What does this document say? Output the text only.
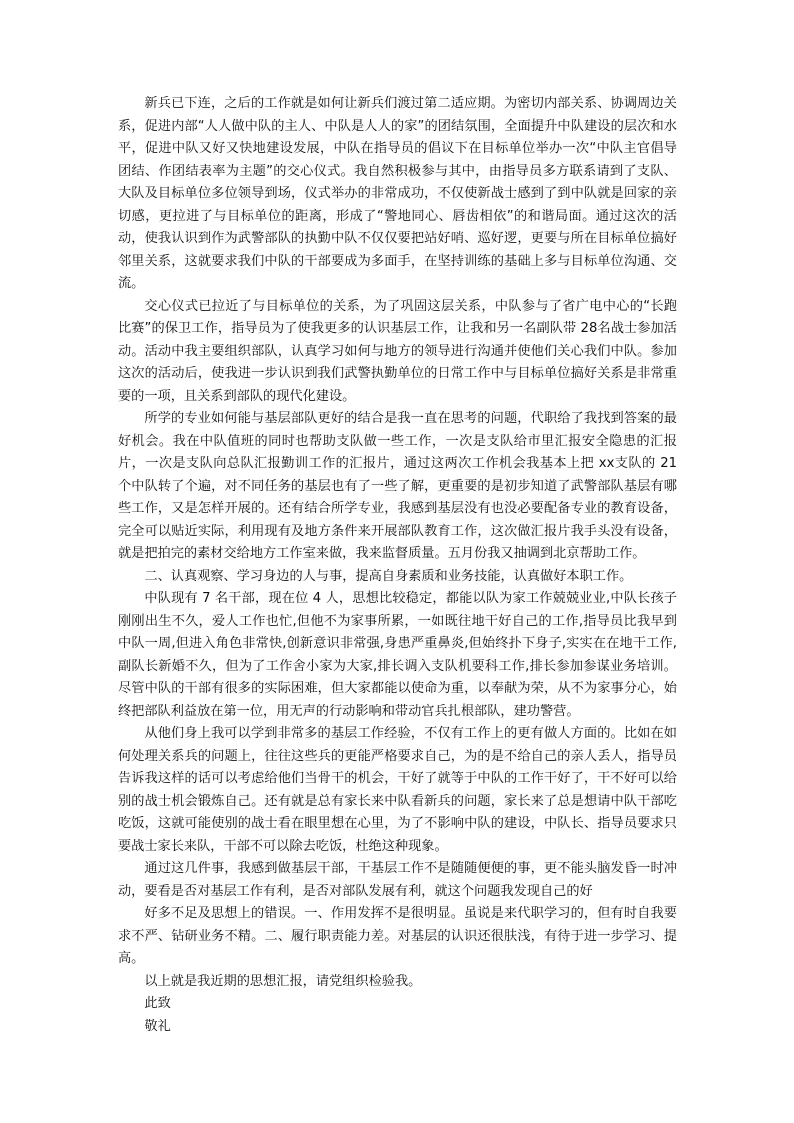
新兵已下连，之后的工作就是如何让新兵们渡过第二适应期。为密切内部关系、协调周边关系，促进内部“人人做中队的主人、中队是人人的家”的团结氛围，全面提升中队建设的层次和水平，促进中队又好又快地建设发展，中队在指导员的倡议下在目标单位举办一次“中队主官倡导团结、作团结表率为主题”的交心仪式。我自然积极参与其中，由指导员多方联系请到了支队、大队及目标单位多位领导到场，仪式举办的非常成功，不仅使新战士感到了到中队就是回家的亲切感，更拉进了与目标单位的距离，形成了“警地同心、唇齿相依”的和谐局面。通过这次的活动，使我认识到作为武警部队的执勤中队不仅仅要把站好哨、巡好逻，更要与所在目标单位搞好邻里关系，这就要求我们中队的干部要成为多面手，在坚持训练的基础上多与目标单位沟通、交流。

交心仪式已拉近了与目标单位的关系，为了巩固这层关系，中队参与了省广电中心的“长跑比赛”的保卫工作，指导员为了使我更多的认识基层工作，让我和另一名副队带 28名战士参加活动。活动中我主要组织部队，认真学习如何与地方的领导进行沟通并使他们关心我们中队。参加这次的活动后，使我进一步认识到我们武警执勤单位的日常工作中与目标单位搞好关系是非常重要的一项，且关系到部队的现代化建设。

所学的专业如何能与基层部队更好的结合是我一直在思考的问题，代职给了我找到答案的最好机会。我在中队值班的同时也帮助支队做一些工作，一次是支队给市里汇报安全隐患的汇报片，一次是支队向总队汇报勤训工作的汇报片，通过这两次工作机会我基本上把 xx支队的 21 个中队转了个遍，对不同任务的基层也有了一些了解，更重要的是初步知道了武警部队基层有哪些工作，又是怎样开展的。还有结合所学专业，我感到基层没有也没必要配备专业的教育设备，完全可以贴近实际，利用现有及地方条件来开展部队教育工作，这次做汇报片我手头没有设备，就是把拍完的素材交给地方工作室来做，我来监督质量。五月份我又抽调到北京帮助工作。

二、认真观察、学习身边的人与事，提高自身素质和业务技能，认真做好本职工作。

中队现有 7 名干部，现在位 4 人，思想比较稳定，都能以队为家工作兢兢业业,中队长孩子刚刚出生不久，爱人工作也忙,但他不为家事所累，一如既往地干好自己的工作,指导员比我早到中队一周,但进入角色非常快,创新意识非常强,身患严重鼻炎,但始终扑下身子,实实在在地干工作,副队长新婚不久，但为了工作舍小家为大家,排长调入支队机要科工作,排长参加参谋业务培训。尽管中队的干部有很多的实际困难，但大家都能以使命为重，以奉献为荣，从不为家事分心，始终把部队利益放在第一位，用无声的行动影响和带动官兵扎根部队，建功警营。

从他们身上我可以学到非常多的基层工作经验，不仅有工作上的更有做人方面的。比如在如何处理关系兵的问题上，往往这些兵的更能严格要求自己，为的是不给自己的亲人丢人，指导员告诉我这样的话可以考虑给他们当骨干的机会，干好了就等于中队的工作干好了，干不好可以给别的战士机会锻炼自己。还有就是总有家长来中队看新兵的问题，家长来了总是想请中队干部吃吃饭，这就可能使别的战士看在眼里想在心里，为了不影响中队的建设，中队长、指导员要求只要战士家长来队，干部不可以除去吃饭，杜绝这种现象。

通过这几件事，我感到做基层干部，干基层工作不是随随便便的事，更不能头脑发昏一时冲动，要看是否对基层工作有利，是否对部队发展有利，就这个问题我发现自己的好

好多不足及思想上的错误。一、作用发挥不是很明显。虽说是来代职学习的，但有时自我要求不严、钻研业务不精。二、履行职责能力差。对基层的认识还很肤浅，有待于进一步学习、提高。

以上就是我近期的思想汇报，请党组织检验我。

此致

敬礼
